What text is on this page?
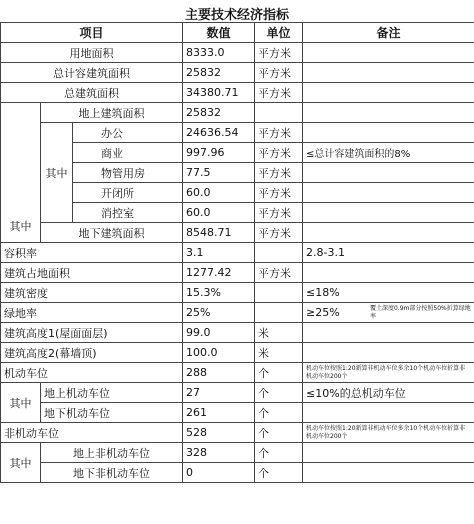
主要技术经济指标
项目			数值	单位	备注
用地面积			8333.0	平方米	
总计容建筑面积			25832	平方米	
总建筑面积			34380.71	平方米	
其中	地上建筑面积		25832		
	其中	办公	24636.54	平方米	
		商业	997.96	平方米	≤总计容建筑面积的8%
		物管用房	77.5	平方米	
		开闭所	60.0	平方米	
		消控室	60.0	平方米	
	地下建筑面积		8548.71	平方米	
容积率			3.1		2.8-3.1
建筑占地面积			1277.42	平方米	
建筑密度			15.3%		≤18%
绿地率			25%		≥25% 覆土深度0.9m部分按照50%折算绿地率

建筑高度1(屋面面层)			99.0	米	
建筑高度2(幕墙顶)			100.0	米	
机动车位			288	个	机动车位按照1:20新算非机动车位多余10个机动车位折算非机动车位200个
其中	地上机动车位		27	个	≤10%的总机动车位
	地下机动车位		261	个	
非机动车位			528	个	机动车位按照1:20新算非机动车位多余10个机动车位折算非机动车位200个
其中	地上非机动车位		328	个	
	地下非机动车位		0	个	
